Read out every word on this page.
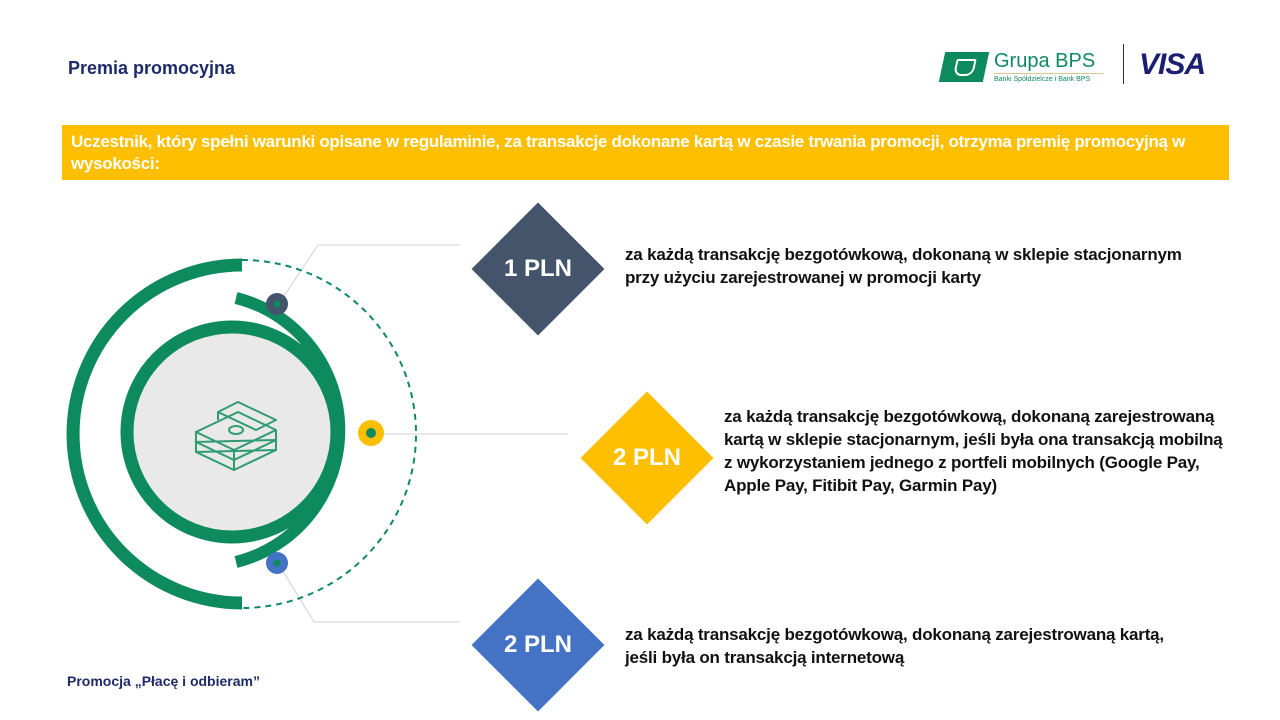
Premia promocyjna	Grupa BPS
Banki Spółdzielcze i Bank BPS VISA
Uczestnik, który spełni warunki opisane w regulaminie, za transakcje dokonane kartą w czasie trwania promocji, otrzyma premię promocyjną w wysokości:
1 PLN
za każdą transakcję bezgotówkową, dokonaną w sklepie stacjonarnym przy użyciu zarejestrowanej w promocji karty
2 PLN
za każdą transakcję bezgotówkową, dokonaną zarejestrowaną kartą w sklepie stacjonarnym, jeśli była ona transakcją mobilną z wykorzystaniem jednego z portfeli mobilnych (Google Pay, Apple Pay, Fitibit Pay, Garmin Pay)
2 PLN	za każdą transakcję bezgotówkową, dokonaną zarejestrowaną kartą, jeśli była on transakcją internetową
Promocja „Płacę i odbieram”
